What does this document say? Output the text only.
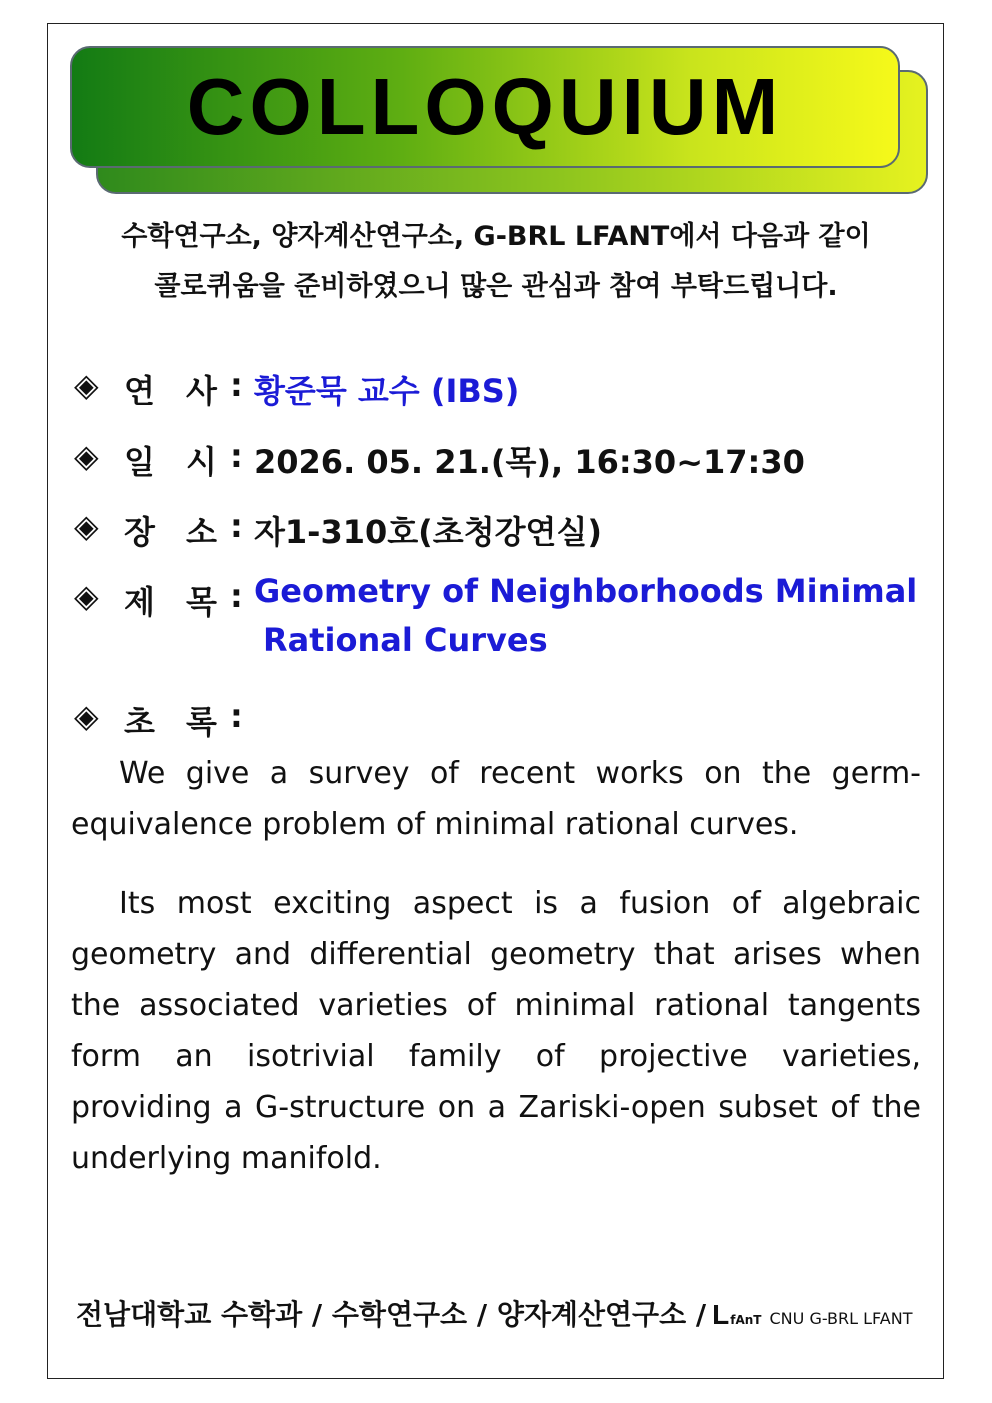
COLLOQUIUM
수학연구소, 양자계산연구소, G-BRL LFANT에서 다음과 같이
콜로퀴움을 준비하였으니 많은 관심과 참여 부탁드립니다.
◈ 연 사 : 황준묵 교수 (IBS)
◈ 일 시 : 2026. 05. 21.(목), 16:30~17:30
◈ 장 소 : 자1-310호(초청강연실)
◈ 제 목 : Geometry of Neighborhoods Minimal
Rational Curves
◈ 초 록 :

We give a survey of recent works on the germ-equivalence problem of minimal rational curves.

Its most exciting aspect is a fusion of algebraic geometry and differential geometry that arises when the associated varieties of minimal rational tangents form an isotrivial family of projective varieties, providing a G-structure on a Zariski-open subset of the underlying manifold.

전남대학교 수학과 / 수학연구소 / 양자계산연구소 / L fAnT CNU G-BRL LFANT
